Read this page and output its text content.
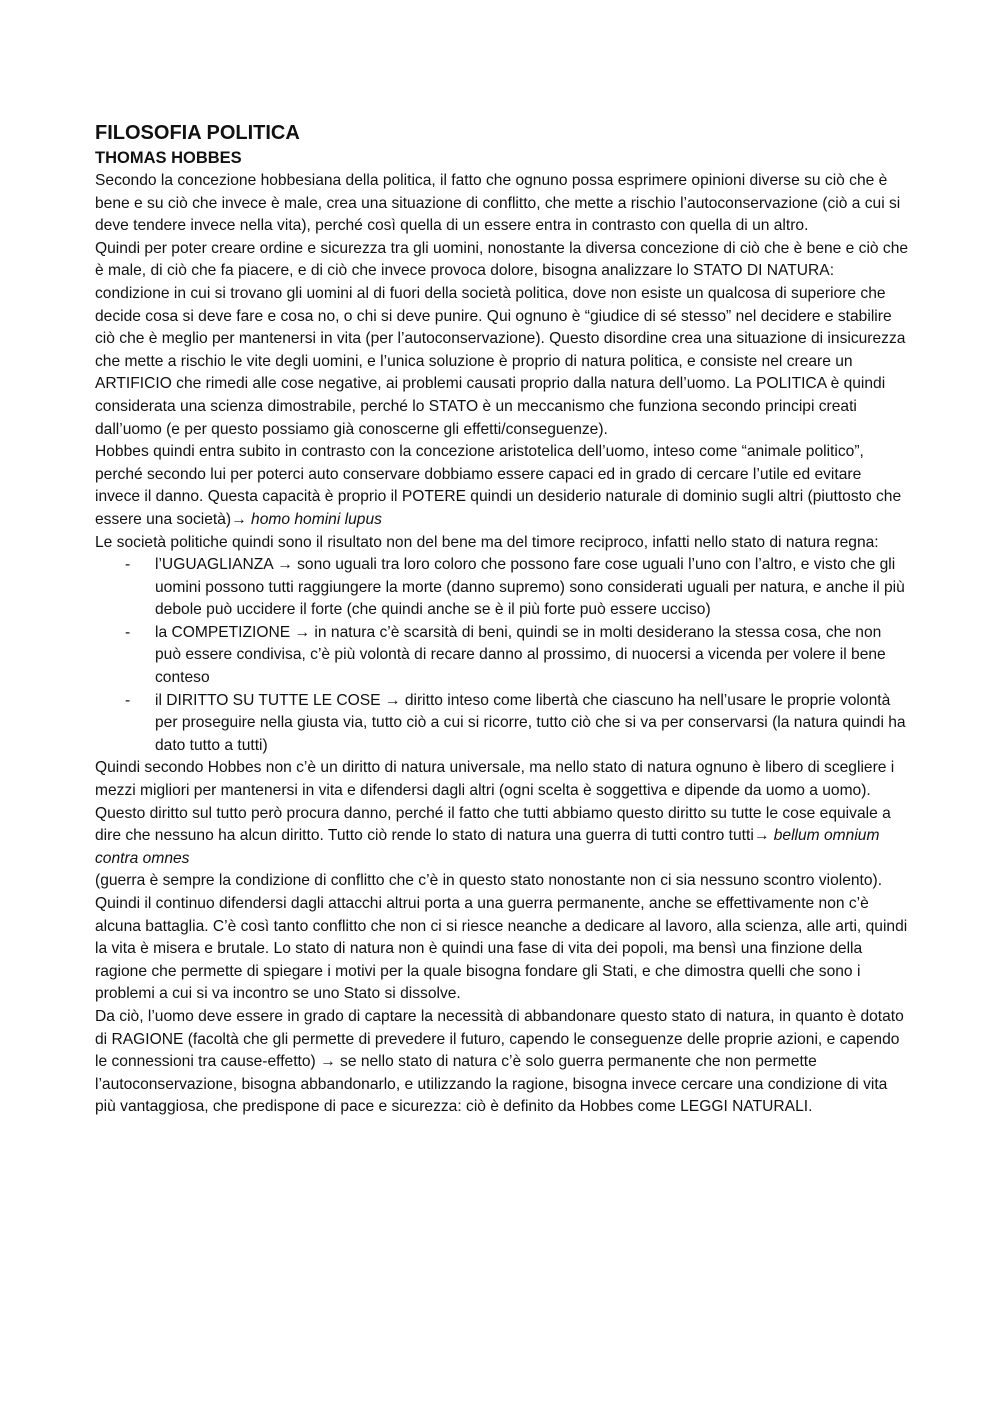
FILOSOFIA POLITICA
THOMAS HOBBES

Secondo la concezione hobbesiana della politica, il fatto che ognuno possa esprimere opinioni diverse su ciò che è bene e su ciò che invece è male, crea una situazione di conflitto, che mette a rischio l’autoconservazione (ciò a cui si deve tendere invece nella vita), perché così quella di un essere entra in contrasto con quella di un altro.

Quindi per poter creare ordine e sicurezza tra gli uomini, nonostante la diversa concezione di ciò che è bene e ciò che è male, di ciò che fa piacere, e di ciò che invece provoca dolore, bisogna analizzare lo STATO DI NATURA: condizione in cui si trovano gli uomini al di fuori della società politica, dove non esiste un qualcosa di superiore che decide cosa si deve fare e cosa no, o chi si deve punire. Qui ognuno è “giudice di sé stesso” nel decidere e stabilire ciò che è meglio per mantenersi in vita (per l’autoconservazione). Questo disordine crea una situazione di insicurezza che mette a rischio le vite degli uomini, e l’unica soluzione è proprio di natura politica, e consiste nel creare un ARTIFICIO che rimedi alle cose negative, ai problemi causati proprio dalla natura dell’uomo. La POLITICA è quindi considerata una scienza dimostrabile, perché lo STATO è un meccanismo che funziona secondo principi creati dall’uomo (e per questo possiamo già conoscerne gli effetti/conseguenze).

Hobbes quindi entra subito in contrasto con la concezione aristotelica dell’uomo, inteso come “animale politico”, perché secondo lui per poterci auto conservare dobbiamo essere capaci ed in grado di cercare l’utile ed evitare invece il danno. Questa capacità è proprio il POTERE quindi un desiderio naturale di dominio sugli altri (piuttosto che essere una società)→ homo homini lupus

Le società politiche quindi sono il risultato non del bene ma del timore reciproco, infatti nello stato di natura regna:

- l’UGUAGLIANZA → sono uguali tra loro coloro che possono fare cose uguali l’uno con l’altro, e visto che gli uomini possono tutti raggiungere la morte (danno supremo) sono considerati uguali per natura, e anche il più debole può uccidere il forte (che quindi anche se è il più forte può essere ucciso)
- la COMPETIZIONE → in natura c’è scarsità di beni, quindi se in molti desiderano la stessa cosa, che non può essere condivisa, c’è più volontà di recare danno al prossimo, di nuocersi a vicenda per volere il bene conteso
- il DIRITTO SU TUTTE LE COSE → diritto inteso come libertà che ciascuno ha nell’usare le proprie volontà per proseguire nella giusta via, tutto ciò a cui si ricorre, tutto ciò che si va per conservarsi (la natura quindi ha dato tutto a tutti)

Quindi secondo Hobbes non c’è un diritto di natura universale, ma nello stato di natura ognuno è libero di scegliere i mezzi migliori per mantenersi in vita e difendersi dagli altri (ogni scelta è soggettiva e dipende da uomo a uomo).

Questo diritto sul tutto però procura danno, perché il fatto che tutti abbiamo questo diritto su tutte le cose equivale a dire che nessuno ha alcun diritto. Tutto ciò rende lo stato di natura una guerra di tutti contro tutti→ bellum omnium contra omnes

(guerra è sempre la condizione di conflitto che c’è in questo stato nonostante non ci sia nessuno scontro violento).

Quindi il continuo difendersi dagli attacchi altrui porta a una guerra permanente, anche se effettivamente non c’è alcuna battaglia. C’è così tanto conflitto che non ci si riesce neanche a dedicare al lavoro, alla scienza, alle arti, quindi la vita è misera e brutale. Lo stato di natura non è quindi una fase di vita dei popoli, ma bensì una finzione della ragione che permette di spiegare i motivi per la quale bisogna fondare gli Stati, e che dimostra quelli che sono i problemi a cui si va incontro se uno Stato si dissolve.

Da ciò, l’uomo deve essere in grado di captare la necessità di abbandonare questo stato di natura, in quanto è dotato di RAGIONE (facoltà che gli permette di prevedere il futuro, capendo le conseguenze delle proprie azioni, e capendo le connessioni tra cause-effetto) → se nello stato di natura c’è solo guerra permanente che non permette l’autoconservazione, bisogna abbandonarlo, e utilizzando la ragione, bisogna invece cercare una condizione di vita più vantaggiosa, che predispone di pace e sicurezza: ciò è definito da Hobbes come LEGGI NATURALI.
